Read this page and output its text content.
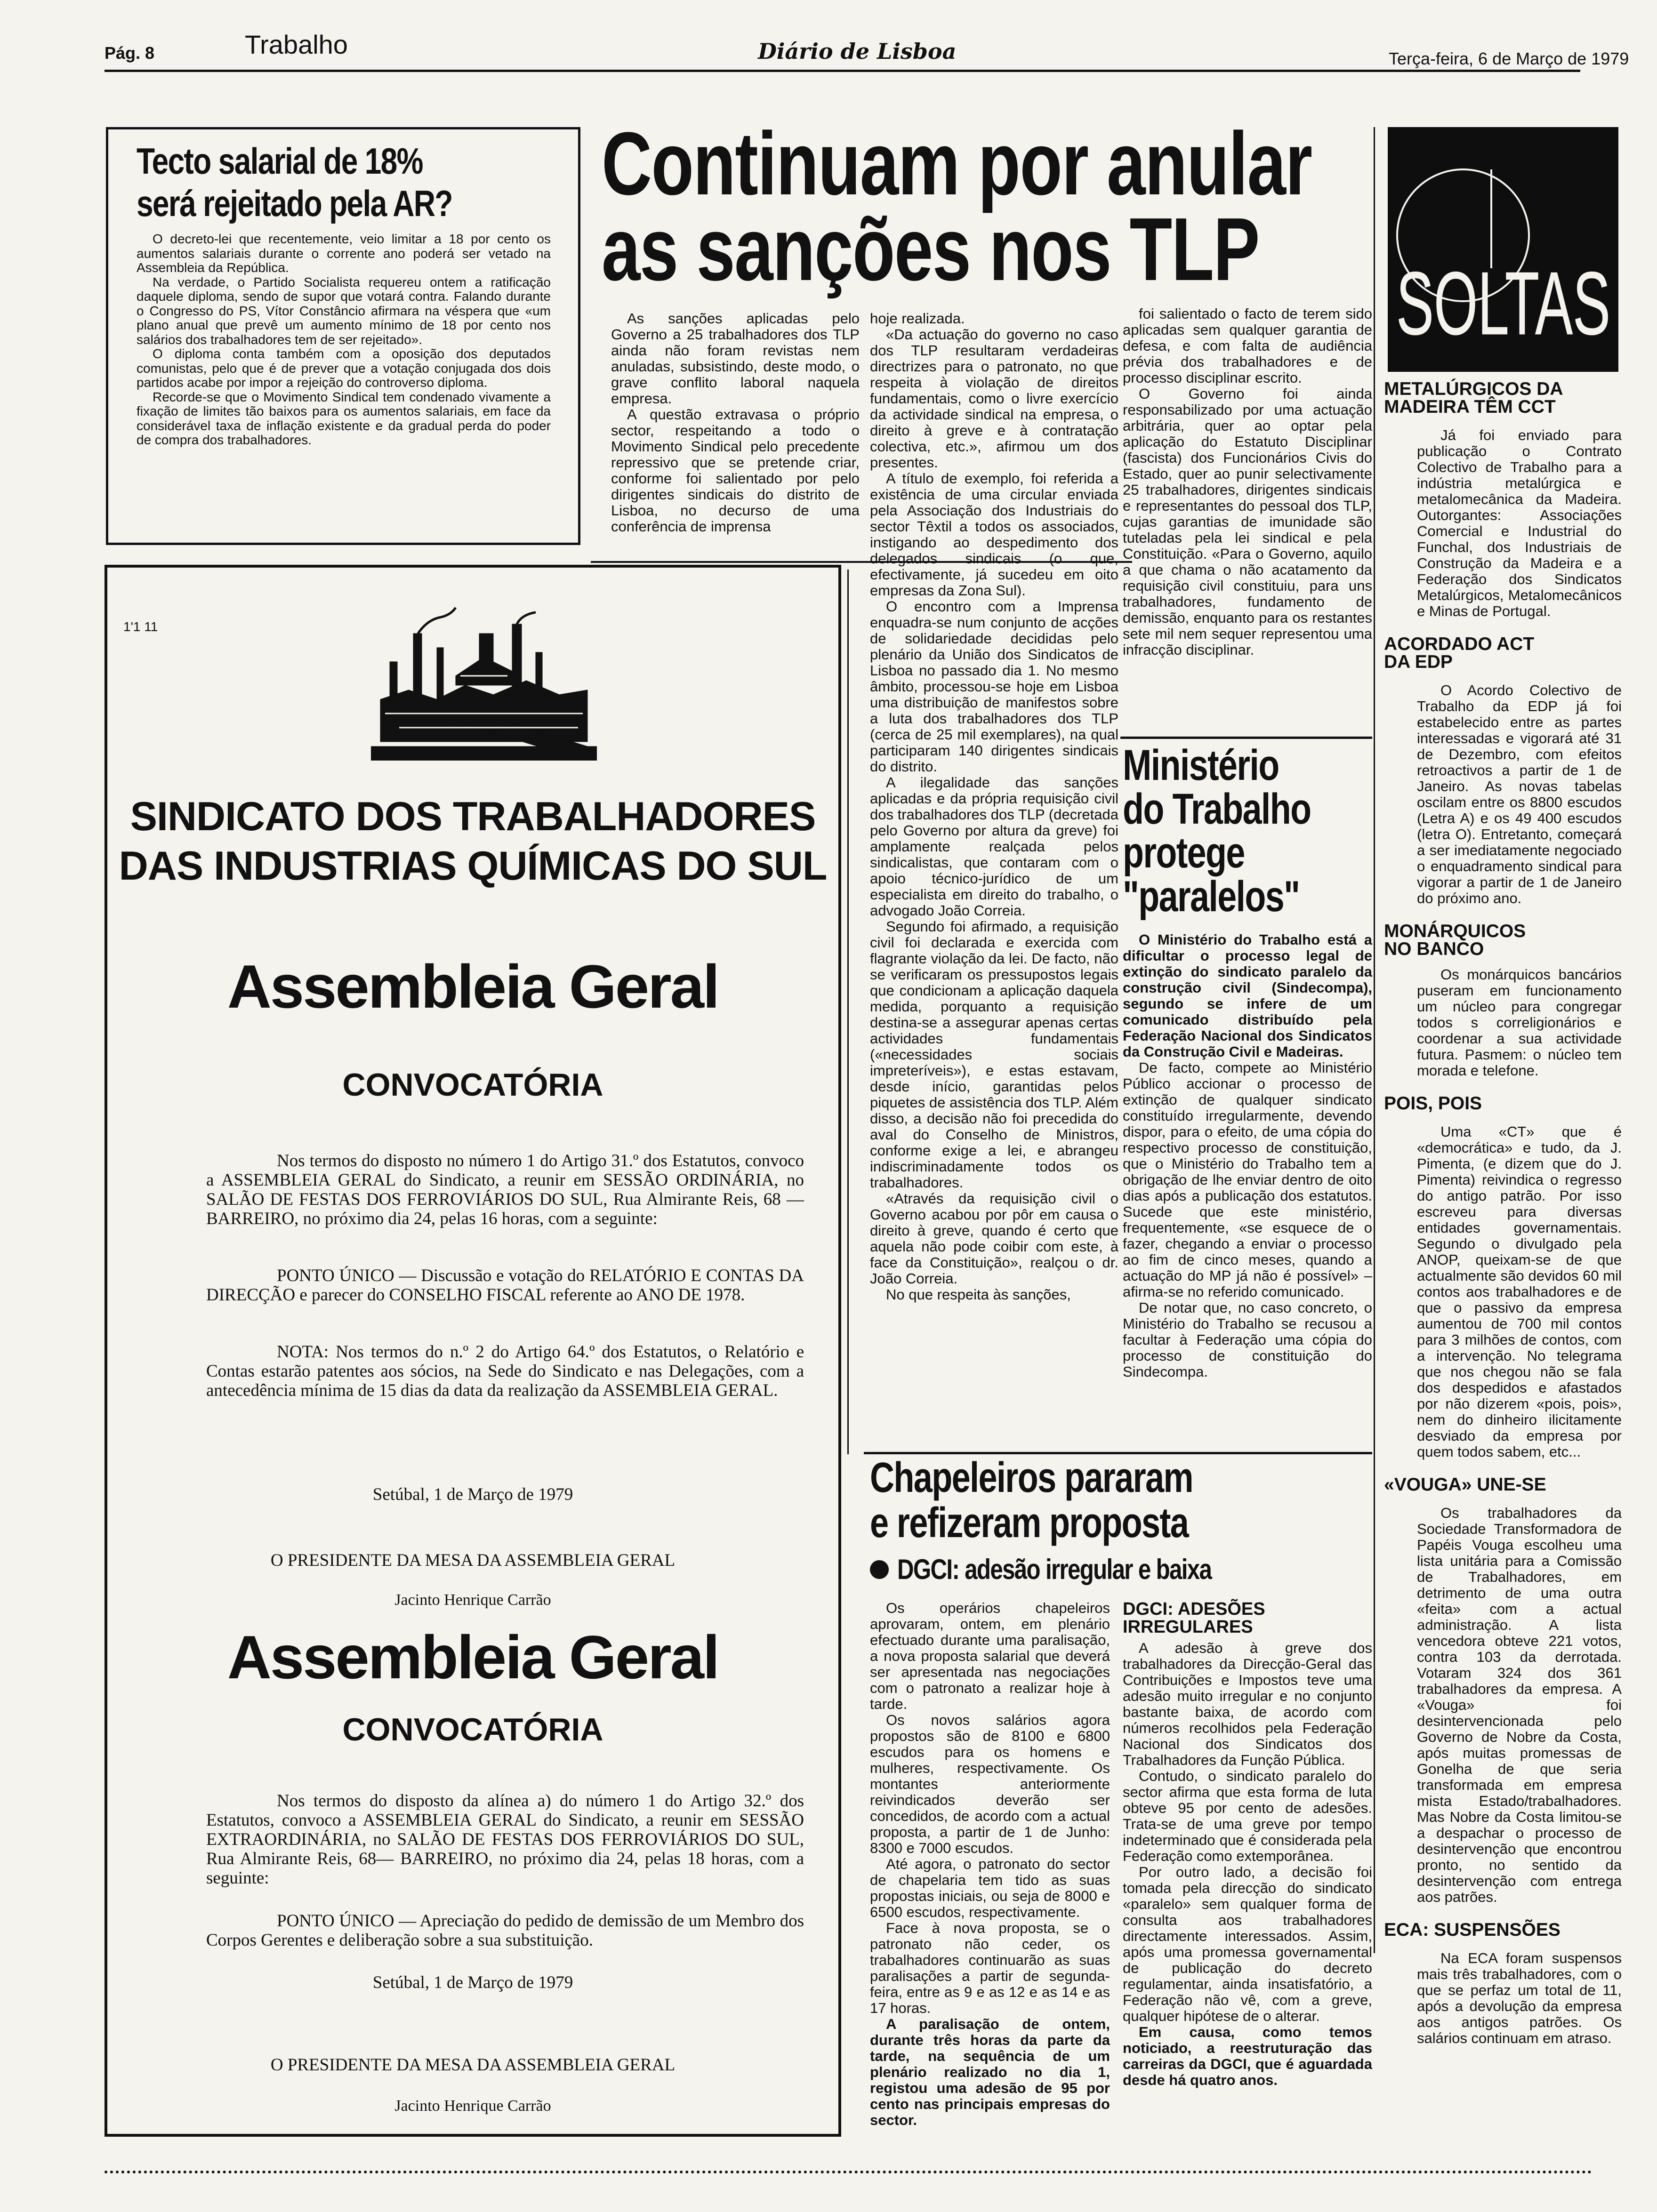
Pág. 8	Trabalho	Diário de Lisboa	Terça-feira, 6 de Março de 1979
Tecto salarial de 18%
será rejeitado pela AR?

O decreto-lei que recentemente, veio limitar a 18 por cento os aumentos salariais durante o corrente ano poderá ser vetado na Assembleia da República.

Na verdade, o Partido Socialista requereu ontem a ratificação daquele diploma, sendo de supor que votará contra. Falando durante o Congresso do PS, Vítor Constâncio afirmara na véspera que «um plano anual que prevê um aumento mínimo de 18 por cento nos salários dos trabalhadores tem de ser rejeitado».

O diploma conta também com a oposição dos deputados comunistas, pelo que é de prever que a votação conjugada dos dois partidos acabe por impor a rejeição do controverso diploma.

Recorde-se que o Movimento Sindical tem condenado vivamente a fixação de limites tão baixos para os aumentos salariais, em face da considerável taxa de inflação existente e da gradual perda do poder de compra dos trabalhadores.

Continuam por anular
as sanções nos TLP

As sanções aplicadas pelo Governo a 25 trabalhadores dos TLP ainda não foram revistas nem anuladas, subsistindo, deste modo, o grave conflito laboral naquela empresa.

A questão extravasa o próprio sector, respeitando a todo o Movimento Sindical pelo precedente repressivo que se pretende criar, conforme foi salientado por pelo dirigentes sindicais do distrito de Lisboa, no decurso de uma conferência de imprensa

hoje realizada.

«Da actuação do governo no caso dos TLP resultaram verdadeiras directrizes para o patronato, no que respeita à violação de direitos fundamentais, como o livre exercício da actividade sindical na empresa, o direito à greve e à contratação colectiva, etc.», afirmou um dos presentes.

A título de exemplo, foi referida a existência de uma circular enviada pela Associação dos Industriais do sector Têxtil a todos os associados, instigando ao despedimento dos delegados sindicais (o que, efectivamente, já sucedeu em oito empresas da Zona Sul).

O encontro com a Imprensa enquadra-se num conjunto de acções de solidariedade decididas pelo plenário da União dos Sindicatos de Lisboa no passado dia 1. No mesmo âmbito, processou-se hoje em Lisboa uma distribuição de manifestos sobre a luta dos trabalhadores dos TLP (cerca de 25 mil exemplares), na qual participaram 140 dirigentes sindicais do distrito.

A ilegalidade das sanções aplicadas e da própria requisição civil dos trabalhadores dos TLP (decretada pelo Governo por altura da greve) foi amplamente realçada pelos sindicalistas, que contaram com o apoio técnico-jurídico de um especialista em direito do trabalho, o advogado João Correia.

Segundo foi afirmado, a requisição civil foi declarada e exercida com flagrante violação da lei. De facto, não se verificaram os pressupostos legais que condicionam a aplicação daquela medida, porquanto a requisição destina-se a assegurar apenas certas actividades fundamentais («necessidades sociais impreteríveis»), e estas estavam, desde início, garantidas pelos piquetes de assistência dos TLP. Além disso, a decisão não foi precedida do aval do Conselho de Ministros, conforme exige a lei, e abrangeu indiscriminadamente todos os trabalhadores.

«Através da requisição civil o Governo acabou por pôr em causa o direito à greve, quando é certo que aquela não pode coibir com este, à face da Constituição», realçou o dr. João Correia.

No que respeita às sanções,

foi salientado o facto de terem sido aplicadas sem qualquer garantia de defesa, e com falta de audiência prévia dos trabalhadores e de processo disciplinar escrito.

O Governo foi ainda responsabilizado por uma actuação arbitrária, quer ao optar pela aplicação do Estatuto Disciplinar (fascista) dos Funcionários Civis do Estado, quer ao punir selectivamente 25 trabalhadores, dirigentes sindicais e representantes do pessoal dos TLP, cujas garantias de imunidade são tuteladas pela lei sindical e pela Constituição. «Para o Governo, aquilo a que chama o não acatamento da requisição civil constituiu, para uns trabalhadores, fundamento de demissão, enquanto para os restantes sete mil nem sequer representou uma infracção disciplinar.

Ministério
do Trabalho
protege
"paralelos"

O Ministério do Trabalho está a dificultar o processo legal de extinção do sindicato paralelo da construção civil (Sindecompa), segundo se infere de um comunicado distribuído pela Federação Nacional dos Sindicatos da Construção Civil e Madeiras.

De facto, compete ao Ministério Público accionar o processo de extinção de qualquer sindicato constituído irregularmente, devendo dispor, para o efeito, de uma cópia do respectivo processo de constituição, que o Ministério do Trabalho tem a obrigação de lhe enviar dentro de oito dias após a publicação dos estatutos. Sucede que este ministério, frequentemente, «se esquece de o fazer, chegando a enviar o processo ao fim de cinco meses, quando a actuação do MP já não é possível» – afirma-se no referido comunicado.

De notar que, no caso concreto, o Ministério do Trabalho se recusou a facultar à Federação uma cópia do processo de constituição do Sindecompa.

Chapeleiros pararam
e refizeram proposta
DGCI: adesão irregular e baixa

Os operários chapeleiros aprovaram, ontem, em plenário efectuado durante uma paralisação, a nova proposta salarial que deverá ser apresentada nas negociações com o patronato a realizar hoje à tarde.

Os novos salários agora propostos são de 8100 e 6800 escudos para os homens e mulheres, respectivamente. Os montantes anteriormente reivindicados deverão ser concedidos, de acordo com a actual proposta, a partir de 1 de Junho: 8300 e 7000 escudos.

Até agora, o patronato do sector de chapelaria tem tido as suas propostas iniciais, ou seja de 8000 e 6500 escudos, respectivamente.

Face à nova proposta, se o patronato não ceder, os trabalhadores continuarão as suas paralisações a partir de segunda-feira, entre as 9 e as 12 e as 14 e as 17 horas.

A paralisação de ontem, durante três horas da parte da tarde, na sequência de um plenário realizado no dia 1, registou uma adesão de 95 por cento nas principais empresas do sector.

DGCI: ADESÕES IRREGULARES

A adesão à greve dos trabalhadores da Direcção-Geral das Contribuições e Impostos teve uma adesão muito irregular e no conjunto bastante baixa, de acordo com números recolhidos pela Federação Nacional dos Sindicatos dos Trabalhadores da Função Pública.

Contudo, o sindicato paralelo do sector afirma que esta forma de luta obteve 95 por cento de adesões. Trata-se de uma greve por tempo indeterminado que é considerada pela Federação como extemporânea.

Por outro lado, a decisão foi tomada pela direcção do sindicato «paralelo» sem qualquer forma de consulta aos trabalhadores directamente interessados. Assim, após uma promessa governamental de publicação do decreto regulamentar, ainda insatisfatório, a Federação não vê, com a greve, qualquer hipótese de o alterar.

Em causa, como temos noticiado, a reestruturação das carreiras da DGCI, que é aguardada desde há quatro anos.

1'1 11
SINDICATO DOS TRABALHADORES
DAS INDUSTRIAS QUÍMICAS DO SUL
Assembleia Geral
CONVOCATÓRIA

Nos termos do disposto no número 1 do Artigo 31.º dos Estatutos, convoco a ASSEMBLEIA GERAL do Sindicato, a reunir em SESSÃO ORDINÁRIA, no SALÃO DE FESTAS DOS FERROVIÁRIOS DO SUL, Rua Almirante Reis, 68 — BARREIRO, no próximo dia 24, pelas 16 horas, com a seguinte:

PONTO ÚNICO — Discussão e votação do RELATÓRIO E CONTAS DA DIRECÇÃO e parecer do CONSELHO FISCAL referente ao ANO DE 1978.

NOTA: Nos termos do n.º 2 do Artigo 64.º dos Estatutos, o Relatório e Contas estarão patentes aos sócios, na Sede do Sindicato e nas Delegações, com a antecedência mínima de 15 dias da data da realização da ASSEMBLEIA GERAL.

Setúbal, 1 de Março de 1979
O PRESIDENTE DA MESA DA ASSEMBLEIA GERAL
Jacinto Henrique Carrão
Assembleia Geral
CONVOCATÓRIA

Nos termos do disposto da alínea a) do número 1 do Artigo 32.º dos Estatutos, convoco a ASSEMBLEIA GERAL do Sindicato, a reunir em SESSÃO EXTRAORDINÁRIA, no SALÃO DE FESTAS DOS FERROVIÁRIOS DO SUL, Rua Almirante Reis, 68— BARREIRO, no próximo dia 24, pelas 18 horas, com a seguinte:

PONTO ÚNICO — Apreciação do pedido de demissão de um Membro dos Corpos Gerentes e deliberação sobre a sua substituição.

Setúbal, 1 de Março de 1979
O PRESIDENTE DA MESA DA ASSEMBLEIA GERAL
Jacinto Henrique Carrão
SOLTAS
METALÚRGICOS DA MADEIRA TÊM CCT

Já foi enviado para publicação o Contrato Colectivo de Trabalho para a indústria metalúrgica e metalomecânica da Madeira. Outorgantes: Associações Comercial e Industrial do Funchal, dos Industriais de Construção da Madeira e a Federação dos Sindicatos Metalúrgicos, Metalomecânicos e Minas de Portugal.

ACORDADO ACT DA EDP

O Acordo Colectivo de Trabalho da EDP já foi estabelecido entre as partes interessadas e vigorará até 31 de Dezembro, com efeitos retroactivos a partir de 1 de Janeiro. As novas tabelas oscilam entre os 8800 escudos (Letra A) e os 49 400 escudos (letra O). Entretanto, começará a ser imediatamente negociado o enquadramento sindical para vigorar a partir de 1 de Janeiro do próximo ano.

MONÁRQUICOS NO BANCO

Os monárquicos bancários puseram em funcionamento um núcleo para congregar todos s correligionários e coordenar a sua actividade futura. Pasmem: o núcleo tem morada e telefone.

POIS, POIS

Uma «CT» que é «democrática» e tudo, da J. Pimenta, (e dizem que do J. Pimenta) reivindica o regresso do antigo patrão. Por isso escreveu para diversas entidades governamentais. Segundo o divulgado pela ANOP, queixam-se de que actualmente são devidos 60 mil contos aos trabalhadores e de que o passivo da empresa aumentou de 700 mil contos para 3 milhões de contos, com a intervenção. No telegrama que nos chegou não se fala dos despedidos e afastados por não dizerem «pois, pois», nem do dinheiro ilicitamente desviado da empresa por quem todos sabem, etc...

«VOUGA» UNE-SE

Os trabalhadores da Sociedade Transformadora de Papéis Vouga escolheu uma lista unitária para a Comissão de Trabalhadores, em detrimento de uma outra «feita» com a actual administração. A lista vencedora obteve 221 votos, contra 103 da derrotada. Votaram 324 dos 361 trabalhadores da empresa. A «Vouga» foi desintervencionada pelo Governo de Nobre da Costa, após muitas promessas de Gonelha de que seria transformada em empresa mista Estado/trabalhadores. Mas Nobre da Costa limitou-se a despachar o processo de desintervenção que encontrou pronto, no sentido da desintervenção com entrega aos patrões.

ECA: SUSPENSÕES

Na ECA foram suspensos mais três trabalhadores, com o que se perfaz um total de 11, após a devolução da empresa aos antigos patrões. Os salários continuam em atraso.
